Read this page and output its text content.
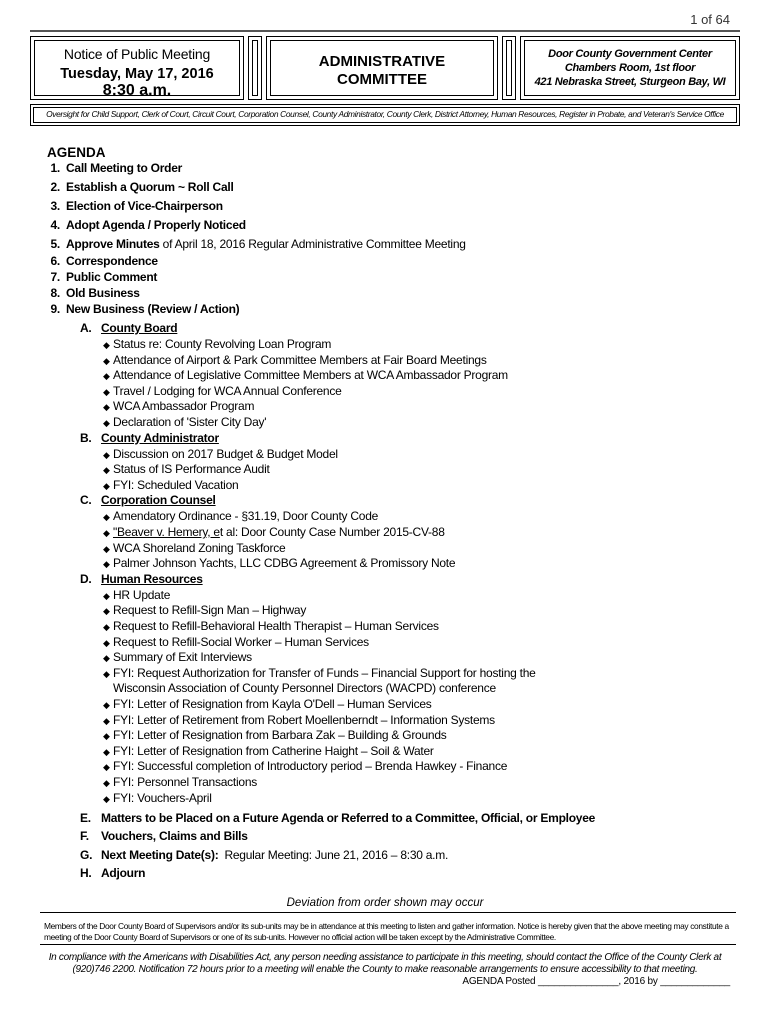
1 of 64
Notice of Public Meeting
Tuesday, May 17, 2016
8:30 a.m.
ADMINISTRATIVE
COMMITTEE
Door County Government Center
Chambers Room, 1st floor
421 Nebraska Street, Sturgeon Bay, WI
Oversight for Child Support, Clerk of Court, Circuit Court, Corporation Counsel, County Administrator, County Clerk, District Attorney, Human Resources, Register in Probate, and Veteran's Service Office
AGENDA
1. Call Meeting to Order
2. Establish a Quorum ~ Roll Call
3. Election of Vice-Chairperson
4. Adopt Agenda / Properly Noticed
5. Approve Minutes of April 18, 2016 Regular Administrative Committee Meeting
6. Correspondence
7. Public Comment
8. Old Business
9. New Business (Review / Action)
A. County Board
◆ Status re: County Revolving Loan Program
◆ Attendance of Airport & Park Committee Members at Fair Board Meetings
◆ Attendance of Legislative Committee Members at WCA Ambassador Program
◆ Travel / Lodging for WCA Annual Conference
◆ WCA Ambassador Program
◆ Declaration of 'Sister City Day'
B. County Administrator
◆ Discussion on 2017 Budget & Budget Model
◆ Status of IS Performance Audit
◆ FYI: Scheduled Vacation
C. Corporation Counsel
◆ Amendatory Ordinance - §31.19, Door County Code
◆ "Beaver v. Hemery, et al: Door County Case Number 2015-CV-88
◆ WCA Shoreland Zoning Taskforce
◆ Palmer Johnson Yachts, LLC CDBG Agreement & Promissory Note
D. Human Resources
◆ HR Update
◆ Request to Refill-Sign Man – Highway
◆ Request to Refill-Behavioral Health Therapist – Human Services
◆ Request to Refill-Social Worker – Human Services
◆ Summary of Exit Interviews
◆ FYI: Request Authorization for Transfer of Funds – Financial Support for hosting the
Wisconsin Association of County Personnel Directors (WACPD) conference
◆ FYI: Letter of Resignation from Kayla O'Dell – Human Services
◆ FYI: Letter of Retirement from Robert Moellenberndt – Information Systems
◆ FYI: Letter of Resignation from Barbara Zak – Building & Grounds
◆ FYI: Letter of Resignation from Catherine Haight – Soil & Water
◆ FYI: Successful completion of Introductory period – Brenda Hawkey - Finance
◆ FYI: Personnel Transactions
◆ FYI: Vouchers-April
E. Matters to be Placed on a Future Agenda or Referred to a Committee, Official, or Employee
F. Vouchers, Claims and Bills
G. Next Meeting Date(s): Regular Meeting: June 21, 2016 – 8:30 a.m.
H. Adjourn
Deviation from order shown may occur
Members of the Door County Board of Supervisors and/or its sub-units may be in attendance at this meeting to listen and gather information. Notice is hereby given that the above meeting may constitute a meeting of the Door County Board of Supervisors or one of its sub-units. However no official action will be taken except by the Administrative Committee.
In compliance with the Americans with Disabilities Act, any person needing assistance to participate in this meeting, should contact the Office of the County Clerk at (920)746 2200. Notification 72 hours prior to a meeting will enable the County to make reasonable arrangements to ensure accessibility to that meeting.
AGENDA Posted _______________, 2016 by _____________
